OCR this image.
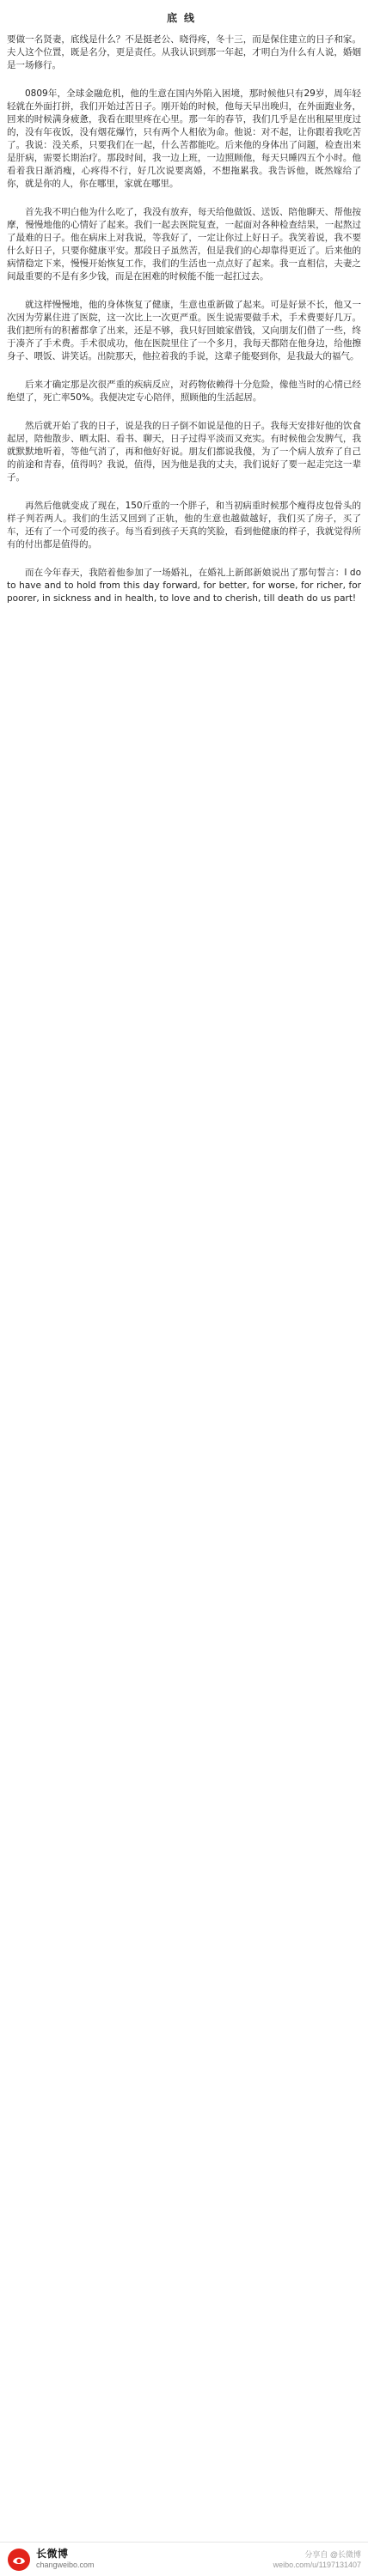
底线

要做一名贤妻，底线是什么？不是挺老公、晓得疼，冬十三，而是保住建立的日子和家。夫人这个位置，既是名分，更是责任。从我认识到那一年起，才明白为什么有人说，婚姻是一场修行。

0809年，全球金融危机，他的生意在国内外陷入困境，那时候他只有29岁，周年轻轻就在外面打拼，我们开始过苦日子。刚开始的时候，他每天早出晚归，在外面跑业务，回来的时候满身疲惫，我看在眼里疼在心里。那一年的春节，我们几乎是在出租屋里度过的，没有年夜饭，没有烟花爆竹，只有两个人相依为命。他说：对不起，让你跟着我吃苦了。我说：没关系，只要我们在一起，什么苦都能吃。后来他的身体出了问题，检查出来是肝病，需要长期治疗。那段时间，我一边上班，一边照顾他，每天只睡四五个小时。他看着我日渐消瘦，心疼得不行，好几次说要离婚，不想拖累我。我告诉他，既然嫁给了你，就是你的人，你在哪里，家就在哪里。

首先我不明白他为什么吃了，我没有放弃，每天给他做饭、送饭、陪他聊天、帮他按摩，慢慢地他的心情好了起来。我们一起去医院复查，一起面对各种检查结果，一起熬过了最难的日子。他在病床上对我说，等我好了，一定让你过上好日子。我笑着说，我不要什么好日子，只要你健康平安。那段日子虽然苦，但是我们的心却靠得更近了。后来他的病情稳定下来，慢慢开始恢复工作，我们的生活也一点点好了起来。我一直相信，夫妻之间最重要的不是有多少钱，而是在困难的时候能不能一起扛过去。

就这样慢慢地，他的身体恢复了健康，生意也重新做了起来。可是好景不长，他又一次因为劳累住进了医院，这一次比上一次更严重。医生说需要做手术，手术费要好几万。我们把所有的积蓄都拿了出来，还是不够，我只好回娘家借钱，又向朋友们借了一些，终于凑齐了手术费。手术很成功，他在医院里住了一个多月，我每天都陪在他身边，给他擦身子、喂饭、讲笑话。出院那天，他拉着我的手说，这辈子能娶到你，是我最大的福气。

后来才确定那是次很严重的疾病反应，对药物依赖得十分危险，像他当时的心情已经绝望了，死亡率50%。我便决定专心陪伴，照顾他的生活起居。

然后就开始了我的日子，说是我的日子倒不如说是他的日子。我每天安排好他的饮食起居，陪他散步、晒太阳、看书、聊天，日子过得平淡而又充实。有时候他会发脾气，我就默默地听着，等他气消了，再和他好好说。朋友们都说我傻，为了一个病人放弃了自己的前途和青春，值得吗？我说，值得，因为他是我的丈夫，我们说好了要一起走完这一辈子。

再然后他就变成了现在，150斤重的一个胖子，和当初病重时候那个瘦得皮包骨头的样子判若两人。我们的生活又回到了正轨，他的生意也越做越好，我们买了房子，买了车，还有了一个可爱的孩子。每当看到孩子天真的笑脸，看到他健康的样子，我就觉得所有的付出都是值得的。

而在今年春天，我陪着他参加了一场婚礼，在婚礼上新郎新娘说出了那句誓言：I do to have and to hold from this day forward, for better, for worse, for richer, for poorer, in sickness and in health, to love and to cherish, till death do us part!

长微博
changweibo.com
分享自 @长微博
weibo.com/u/1197131407
